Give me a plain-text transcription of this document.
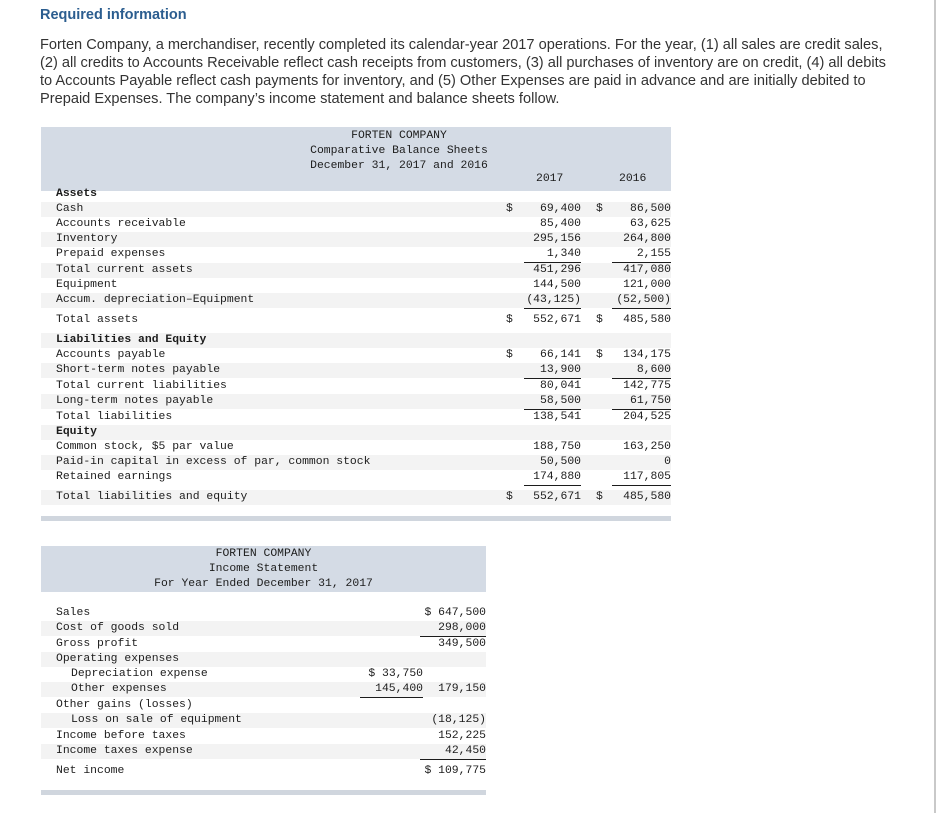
Required information

Forten Company, a merchandiser, recently completed its calendar-year 2017 operations. For the year, (1) all sales are credit sales, (2) all credits to Accounts Receivable reflect cash receipts from customers, (3) all purchases of inventory are on credit, (4) all debits to Accounts Payable reflect cash payments for inventory, and (5) Other Expenses are paid in advance and are initially debited to Prepaid Expenses. The company’s income statement and balance sheets follow.

FORTEN COMPANY
Comparative Balance Sheets
December 31, 2017 and 2016
2017	2016
Assets
Cash	69,400	86,500
$	$
Accounts receivable	85,400	63,625
Inventory	295,156	264,800
Prepaid expenses	1,340	2,155
Total current assets	451,296	417,080
Equipment	144,500	121,000
Accum. depreciation–Equipment	(43,125)	(52,500)
Total assets	552,671	485,580
$	$
Liabilities and Equity
Accounts payable	66,141	134,175
$	$
Short-term notes payable	13,900	8,600
Total current liabilities	80,041	142,775
Long-term notes payable	58,500	61,750
Total liabilities	138,541	204,525
Equity
Common stock, $5 par value	188,750	163,250
Paid-in capital in excess of par, common stock	50,500	0
Retained earnings	174,880	117,805
Total liabilities and equity	552,671	485,580
$	$
FORTEN COMPANY
Income Statement
For Year Ended December 31, 2017
Sales	$ 647,500
Cost of goods sold	298,000
Gross profit	349,500
Operating expenses
Depreciation expense	$ 33,750
Other expenses	145,400	179,150
Other gains (losses)
Loss on sale of equipment	(18,125)
Income before taxes	152,225
Income taxes expense	42,450
Net income	$ 109,775
